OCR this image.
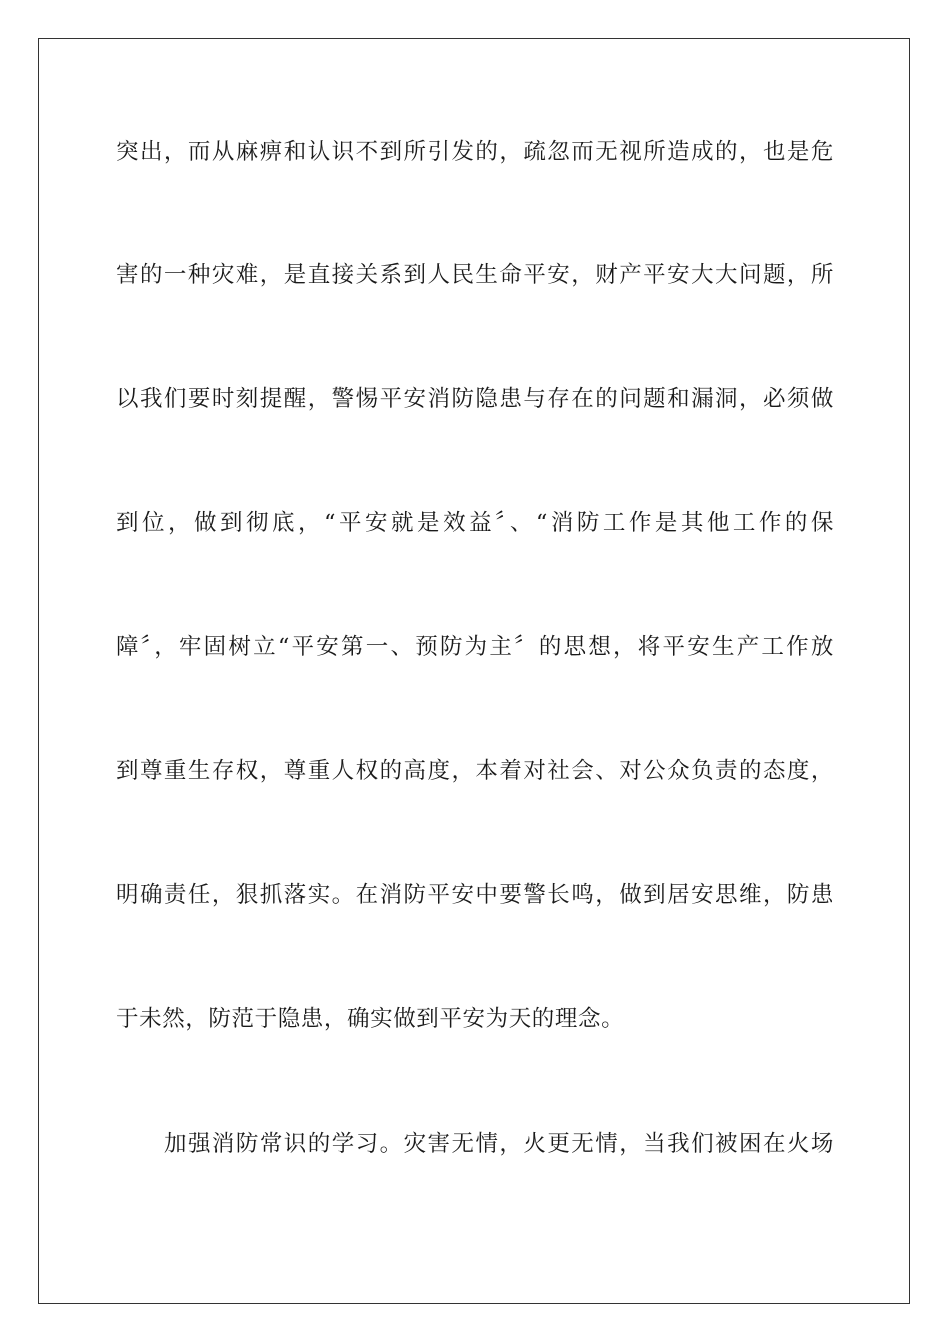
突出，而从麻痹和认识不到所引发的，疏忽而无视所造成的，也是危
害的一种灾难，是直接关系到人民生命平安，财产平安大大问题，所
以我们要时刻提醒，警惕平安消防隐患与存在的问题和漏洞，必须做
到位，做到彻底，“平安就是效益〞、“消防工作是其他工作的保
障〞，牢固树立“平安第一、预防为主〞的思想，将平安生产工作放
到尊重生存权，尊重人权的高度，本着对社会、对公众负责的态度，
明确责任，狠抓落实。在消防平安中要警长鸣，做到居安思维，防患
于未然，防范于隐患，确实做到平安为天的理念。
加强消防常识的学习。灾害无情，火更无情，当我们被困在火场
